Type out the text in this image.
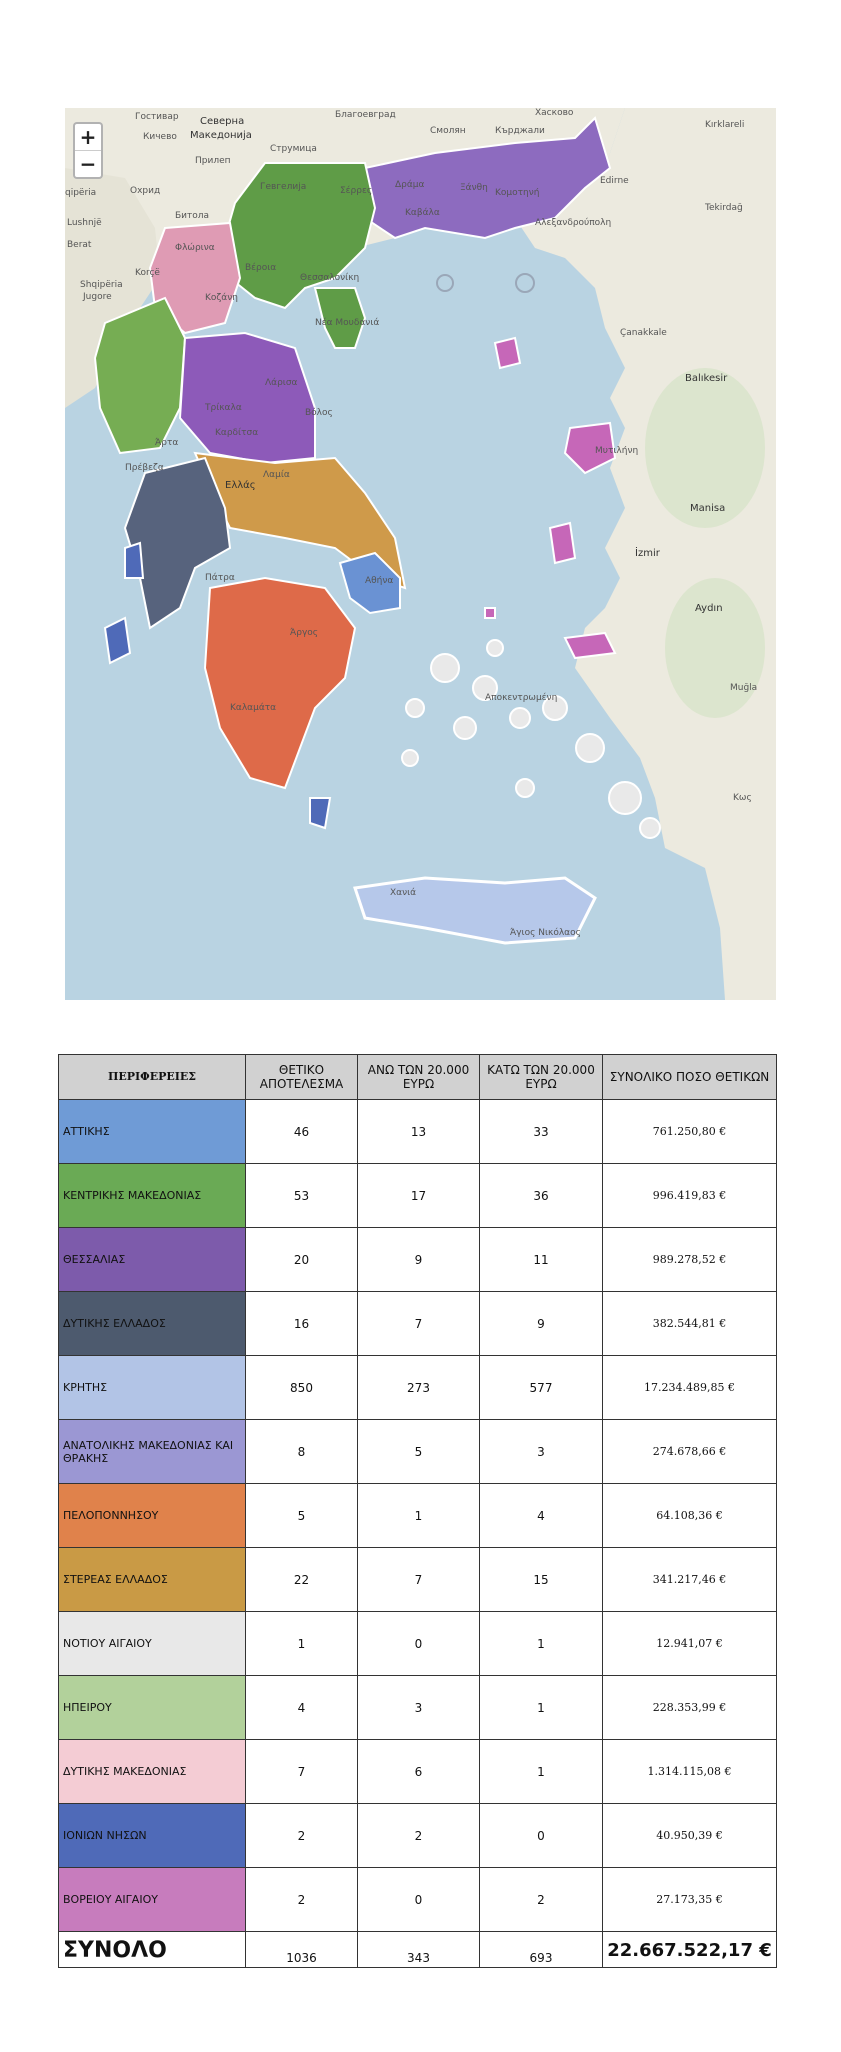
+
−
Гостивар
Кичево
Прилеп
Охрид
Битола
Северна
Македонија
Струмица
Гевгелија
Благоевград
Смолян	Кърджали
Хасково
Kırklareli
Edirne
Tekirdağ
Çanakkale
Balıkesir
Manisa
İzmir
Aydın
Muğla
Lushnjë
Berat
Korçë
Shqipëria
Jugore
qipëria
Αθήνα
Ελλάς
Λάρισα
Βόλος
Τρίκαλα
Λαμία
Άργος
Καλαμάτα
Πάτρα
Θεσσαλονίκη
Σέρρες
Δράμα
Καβάλα
Ξάνθη Κομοτηνή
Αλεξανδρούπολη
Φλώρινα
Κοζάνη
Βέροια
Νέα Μουδανιά
Καρδίτσα
Άρτα
Πρέβεζα
Μυτιλήνη
Χανιά
Άγιος Νικόλαος
Αποκεντρωμένη
Κως
ΠΕΡΙΦΕΡΕΙΕΣ	ΘΕΤΙΚΟ ΑΠΟΤΕΛΕΣΜΑ	ΑΝΩ ΤΩΝ 20.000 ΕΥΡΩ	ΚΑΤΩ ΤΩΝ 20.000 ΕΥΡΩ	ΣΥΝΟΛΙΚΟ ΠΟΣΟ ΘΕΤΙΚΩΝ
ΑΤΤΙΚΗΣ	46	13	33	761.250,80 €
ΚΕΝΤΡΙΚΗΣ ΜΑΚΕΔΟΝΙΑΣ	53	17	36	996.419,83 €
ΘΕΣΣΑΛΙΑΣ	20	9	11	989.278,52 €
ΔΥΤΙΚΗΣ ΕΛΛΑΔΟΣ	16	7	9	382.544,81 €
ΚΡΗΤΗΣ	850	273	577	17.234.489,85 €
ΑΝΑΤΟΛΙΚΗΣ ΜΑΚΕΔΟΝΙΑΣ ΚΑΙ ΘΡΑΚΗΣ	8	5	3	274.678,66 €
ΠΕΛΟΠΟΝΝΗΣΟΥ	5	1	4	64.108,36 €
ΣΤΕΡΕΑΣ ΕΛΛΑΔΟΣ	22	7	15	341.217,46 €
ΝΟΤΙΟΥ ΑΙΓΑΙΟΥ	1	0	1	12.941,07 €
ΗΠΕΙΡΟΥ	4	3	1	228.353,99 €
ΔΥΤΙΚΗΣ ΜΑΚΕΔΟΝΙΑΣ	7	6	1	1.314.115,08 €
ΙΟΝΙΩΝ ΝΗΣΩΝ	2	2	0	40.950,39 €
ΒΟΡΕΙΟΥ ΑΙΓΑΙΟΥ	2	0	2	27.173,35 €
ΣΥΝΟΛΟ	1036	343	693	22.667.522,17 €
